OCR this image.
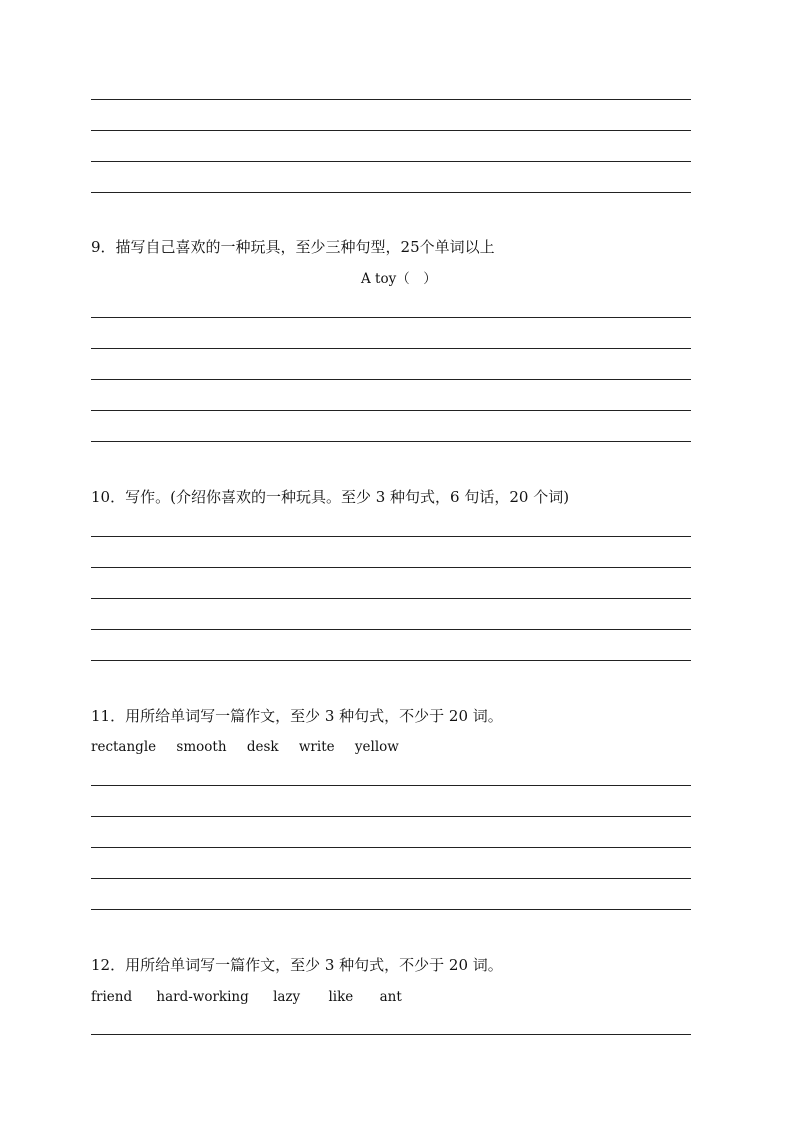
9．描写自己喜欢的一种玩具，至少三种句型，25个单词以上
A toy（　）
10．写作。(介绍你喜欢的一种玩具。至少 3 种句式，6 句话，20 个词)
11．用所给单词写一篇作文，至少 3 种句式，不少于 20 词。
rectangle smooth desk write yellow
12．用所给单词写一篇作文，至少 3 种句式，不少于 20 词。
friend hard-working lazy like ant
